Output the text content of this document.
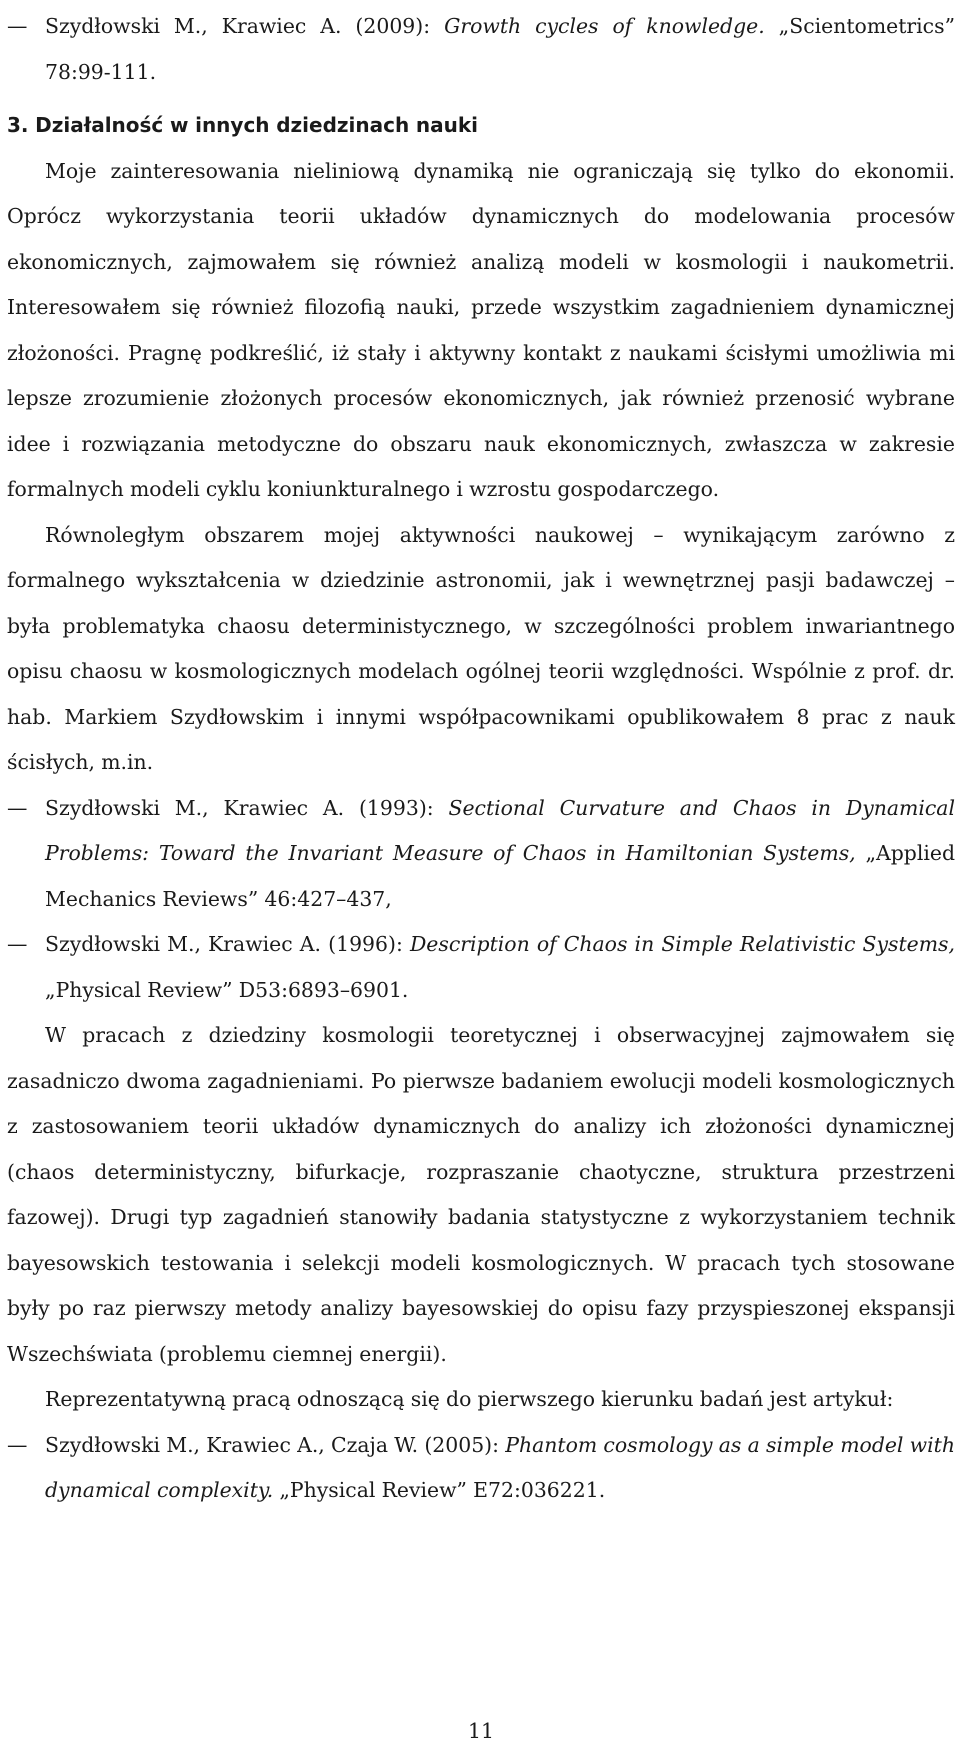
— Szydłowski M., Krawiec A. (2009): Growth cycles of knowledge. „Scientometrics” 78:99-111.

3. Działalność w innych dziedzinach nauki

Moje zainteresowania nieliniową dynamiką nie ograniczają się tylko do ekonomii. Oprócz wykorzystania teorii układów dynamicznych do modelowania procesów ekonomicznych, zajmowałem się również analizą modeli w kosmologii i naukometrii. Interesowałem się również filozofią nauki, przede wszystkim zagadnieniem dynamicznej złożoności. Pragnę podkreślić, iż stały i aktywny kontakt z naukami ścisłymi umożliwia mi lepsze zrozumienie złożonych procesów ekonomicznych, jak również przenosić wybrane idee i rozwiązania metodyczne do obszaru nauk ekonomicznych, zwłaszcza w zakresie formalnych modeli cyklu koniunkturalnego i wzrostu gospodarczego.

Równoległym obszarem mojej aktywności naukowej – wynikającym zarówno z formalnego wykształcenia w dziedzinie astronomii, jak i wewnętrznej pasji badawczej – była problematyka chaosu deterministycznego, w szczególności problem inwariantnego opisu chaosu w kosmologicznych modelach ogólnej teorii względności. Wspólnie z prof. dr. hab. Markiem Szydłowskim i innymi współpacownikami opublikowałem 8 prac z nauk ścisłych, m.in.

— Szydłowski M., Krawiec A. (1993): Sectional Curvature and Chaos in Dynamical Problems: Toward the Invariant Measure of Chaos in Hamiltonian Systems, „Applied Mechanics Reviews” 46:427–437,

— Szydłowski M., Krawiec A. (1996): Description of Chaos in Simple Relativistic Systems, „Physical Review” D53:6893–6901.

W pracach z dziedziny kosmologii teoretycznej i obserwacyjnej zajmowałem się zasadniczo dwoma zagadnieniami. Po pierwsze badaniem ewolucji modeli kosmologicznych z zastosowaniem teorii układów dynamicznych do analizy ich złożoności dynamicznej (chaos deterministyczny, bifurkacje, rozpraszanie chaotyczne, struktura przestrzeni fazowej). Drugi typ zagadnień stanowiły badania statystyczne z wykorzystaniem technik bayesowskich testowania i selekcji modeli kosmologicznych. W pracach tych stosowane były po raz pierwszy metody analizy bayesowskiej do opisu fazy przyspieszonej ekspansji Wszechświata (problemu ciemnej energii).

Reprezentatywną pracą odnoszącą się do pierwszego kierunku badań jest artykuł:

— Szydłowski M., Krawiec A., Czaja W. (2005): Phantom cosmology as a simple model with dynamical complexity. „Physical Review” E72:036221.

11
